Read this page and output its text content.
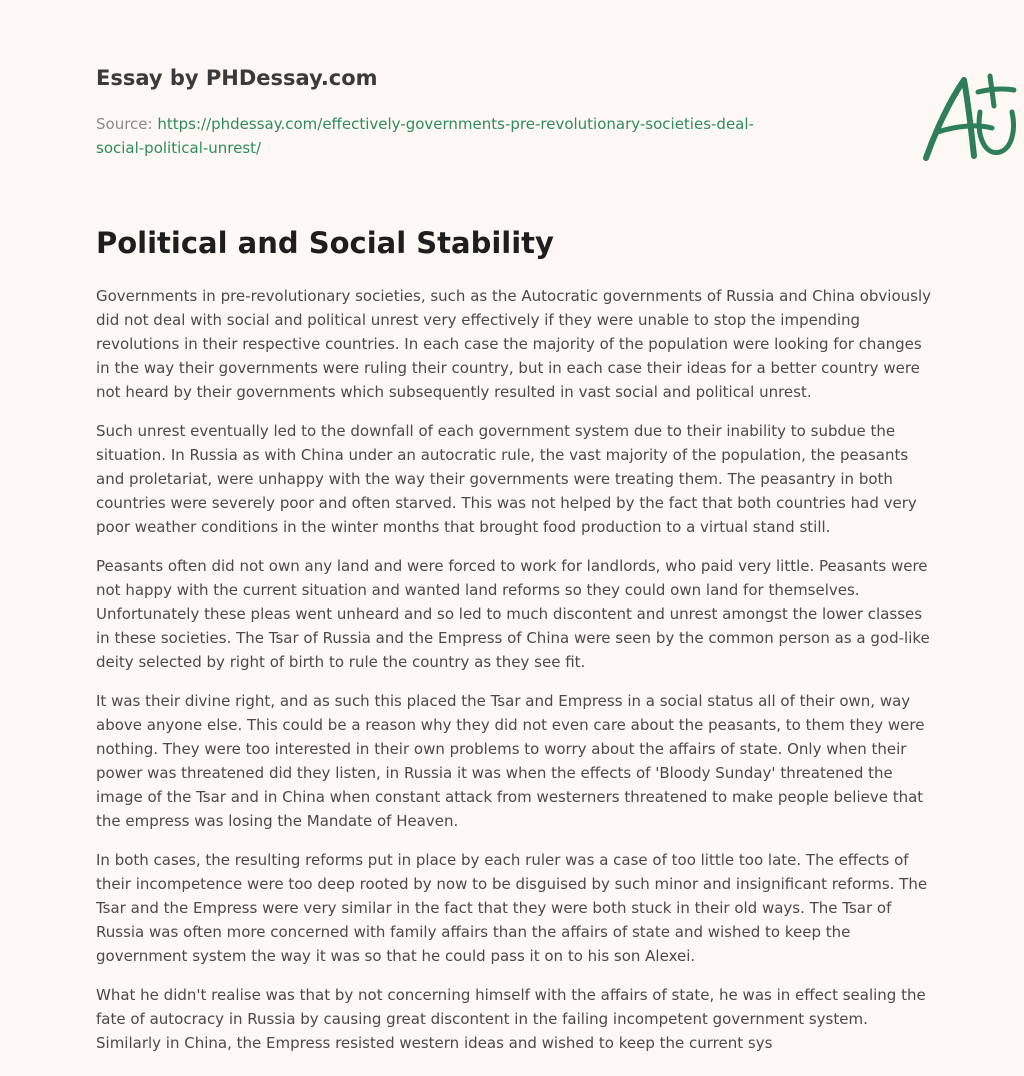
Essay by PHDessay.com

Source: https://phdessay.com/effectively-governments-pre-revolutionary-societies-deal-social-political-unrest/

Political and Social Stability

Governments in pre-revolutionary societies, such as the Autocratic governments of Russia and China obviously did not deal with social and political unrest very effectively if they were unable to stop the impending revolutions in their respective countries. In each case the majority of the population were looking for changes in the way their governments were ruling their country, but in each case their ideas for a better country were not heard by their governments which subsequently resulted in vast social and political unrest.

Such unrest eventually led to the downfall of each government system due to their inability to subdue the situation. In Russia as with China under an autocratic rule, the vast majority of the population, the peasants and proletariat, were unhappy with the way their governments were treating them. The peasantry in both countries were severely poor and often starved. This was not helped by the fact that both countries had very poor weather conditions in the winter months that brought food production to a virtual stand still.

Peasants often did not own any land and were forced to work for landlords, who paid very little. Peasants were not happy with the current situation and wanted land reforms so they could own land for themselves. Unfortunately these pleas went unheard and so led to much discontent and unrest amongst the lower classes in these societies. The Tsar of Russia and the Empress of China were seen by the common person as a god-like deity selected by right of birth to rule the country as they see fit.

It was their divine right, and as such this placed the Tsar and Empress in a social status all of their own, way above anyone else. This could be a reason why they did not even care about the peasants, to them they were nothing. They were too interested in their own problems to worry about the affairs of state. Only when their power was threatened did they listen, in Russia it was when the effects of 'Bloody Sunday' threatened the image of the Tsar and in China when constant attack from westerners threatened to make people believe that the empress was losing the Mandate of Heaven.

In both cases, the resulting reforms put in place by each ruler was a case of too little too late. The effects of their incompetence were too deep rooted by now to be disguised by such minor and insignificant reforms. The Tsar and the Empress were very similar in the fact that they were both stuck in their old ways. The Tsar of Russia was often more concerned with family affairs than the affairs of state and wished to keep the government system the way it was so that he could pass it on to his son Alexei.

What he didn't realise was that by not concerning himself with the affairs of state, he was in effect sealing the fate of autocracy in Russia by causing great discontent in the failing incompetent government system. Similarly in China, the Empress resisted western ideas and wished to keep the current sys
